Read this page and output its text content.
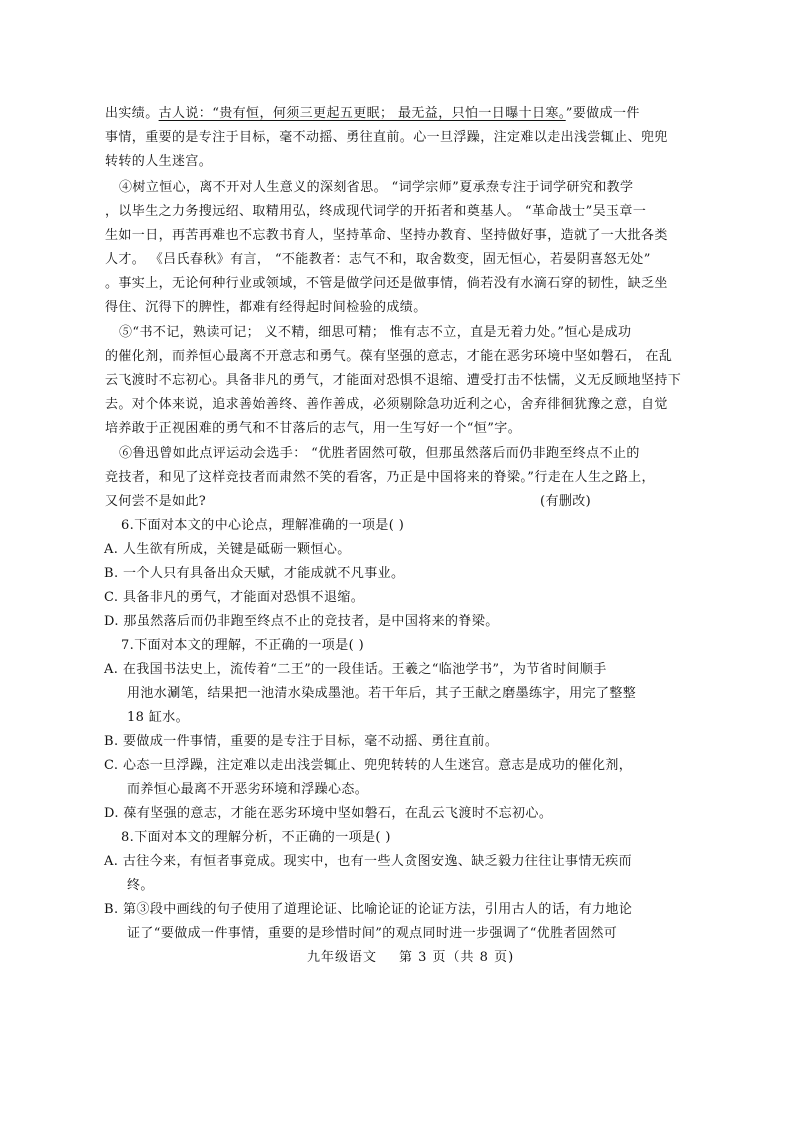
出实绩。古人说：“贵有恒，何须三更起五更眠； 最无益，只怕一日曝十日寒。”要做成一件

事情，重要的是专注于目标，毫不动摇、勇往直前。心一旦浮躁，注定难以走出浅尝辄止、兜兜

转转的人生迷宫。

④树立恒心，离不开对人生意义的深刻省思。 “词学宗师”夏承焘专注于词学研究和教学

，以毕生之力务搜远绍、取精用弘，终成现代词学的开拓者和奠基人。 “革命战士”吴玉章一

生如一日，再苦再难也不忘教书育人，坚持革命、坚持办教育、坚持做好事，造就了一大批各类

人才。 《吕氏春秋》有言， “不能教者：志气不和，取舍数变，固无恒心，若晏阴喜怒无处”

。事实上，无论何种行业或领域，不管是做学问还是做事情，倘若没有水滴石穿的韧性，缺乏坐

得住、沉得下的脾性，都难有经得起时间检验的成绩。

⑤“书不记，熟读可记； 义不精，细思可精； 惟有志不立，直是无着力处。”恒心是成功

的催化剂，而养恒心最离不开意志和勇气。葆有坚强的意志，才能在恶劣环境中坚如磐石， 在乱

云飞渡时不忘初心。具备非凡的勇气，才能面对恐惧不退缩、遭受打击不怯懦，义无反顾地坚持下

去。对个体来说，追求善始善终、善作善成，必须剔除急功近利之心，舍弃徘徊犹豫之意，自觉

培养敢于正视困难的勇气和不甘落后的志气，用一生写好一个“恒”字。

⑥鲁迅曾如此点评运动会选手： “优胜者固然可敬，但那虽然落后而仍非跑至终点不止的

竞技者，和见了这样竞技者而肃然不笑的看客，乃正是中国将来的脊梁。”行走在人生之路上，

又何尝不是如此?	(有删改)

6.下面对本文的中心论点，理解准确的一项是( )

A. 人生欲有所成，关键是砥砺一颗恒心。

B. 一个人只有具备出众天赋，才能成就不凡事业。

C. 具备非凡的勇气，才能面对恐惧不退缩。

D. 那虽然落后而仍非跑至终点不止的竞技者，是中国将来的脊梁。

7.下面对本文的理解，不正确的一项是( )

A. 在我国书法史上，流传着“二王”的一段佳话。王羲之“临池学书”，为节省时间顺手

用池水涮笔，结果把一池清水染成墨池。若干年后，其子王献之磨墨练字，用完了整整

18 缸水。

B. 要做成一件事情，重要的是专注于目标，毫不动摇、勇往直前。

C. 心态一旦浮躁，注定难以走出浅尝辄止、兜兜转转的人生迷宫。意志是成功的催化剂，

而养恒心最离不开恶劣环境和浮躁心态。

D. 葆有坚强的意志，才能在恶劣环境中坚如磐石，在乱云飞渡时不忘初心。

8.下面对本文的理解分析，不正确的一项是( )

A. 古往今来，有恒者事竟成。现实中，也有一些人贪图安逸、缺乏毅力往往让事情无疾而

终。

B. 第③段中画线的句子使用了道理论证、比喻论证的论证方法，引用古人的话，有力地论

证了“要做成一件事情，重要的是珍惜时间”的观点同时进一步强调了“优胜者固然可

九年级语文 第 3 页（共 8 页)
